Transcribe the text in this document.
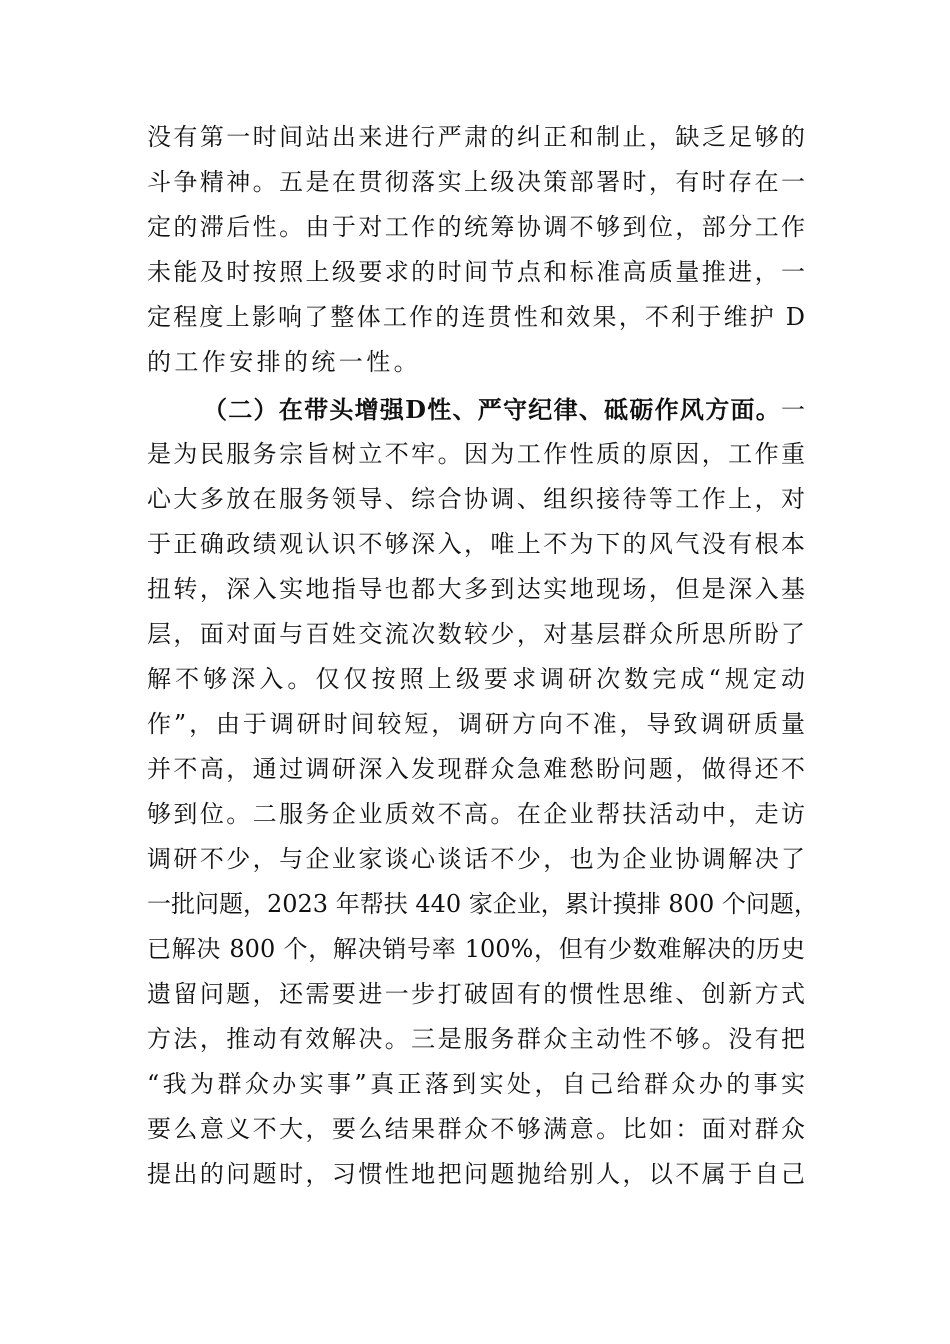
没有第一时间站出来进行严肃的纠正和制止，缺乏足够的
斗争精神。五是在贯彻落实上级决策部署时，有时存在一
定的滞后性。由于对工作的统筹协调不够到位，部分工作
未能及时按照上级要求的时间节点和标准高质量推进，一
定程度上影响了整体工作的连贯性和效果，不利于维护 D
的工作安排的统一性。
（二）在带头增强D性、严守纪律、砥砺作风方面。一
是为民服务宗旨树立不牢。因为工作性质的原因，工作重
心大多放在服务领导、综合协调、组织接待等工作上，对
于正确政绩观认识不够深入，唯上不为下的风气没有根本
扭转，深入实地指导也都大多到达实地现场，但是深入基
层，面对面与百姓交流次数较少，对基层群众所思所盼了
解不够深入。仅仅按照上级要求调研次数完成“规定动
作”，由于调研时间较短，调研方向不准，导致调研质量
并不高，通过调研深入发现群众急难愁盼问题，做得还不
够到位。二服务企业质效不高。在企业帮扶活动中，走访
调研不少，与企业家谈心谈话不少，也为企业协调解决了
一批问题，2023 年帮扶 440 家企业，累计摸排 800 个问题，
已解决 800 个，解决销号率 100%，但有少数难解决的历史
遗留问题，还需要进一步打破固有的惯性思维、创新方式
方法，推动有效解决。三是服务群众主动性不够。没有把
“我为群众办实事”真正落到实处，自己给群众办的事实
要么意义不大，要么结果群众不够满意。比如：面对群众
提出的问题时，习惯性地把问题抛给别人，以不属于自己
